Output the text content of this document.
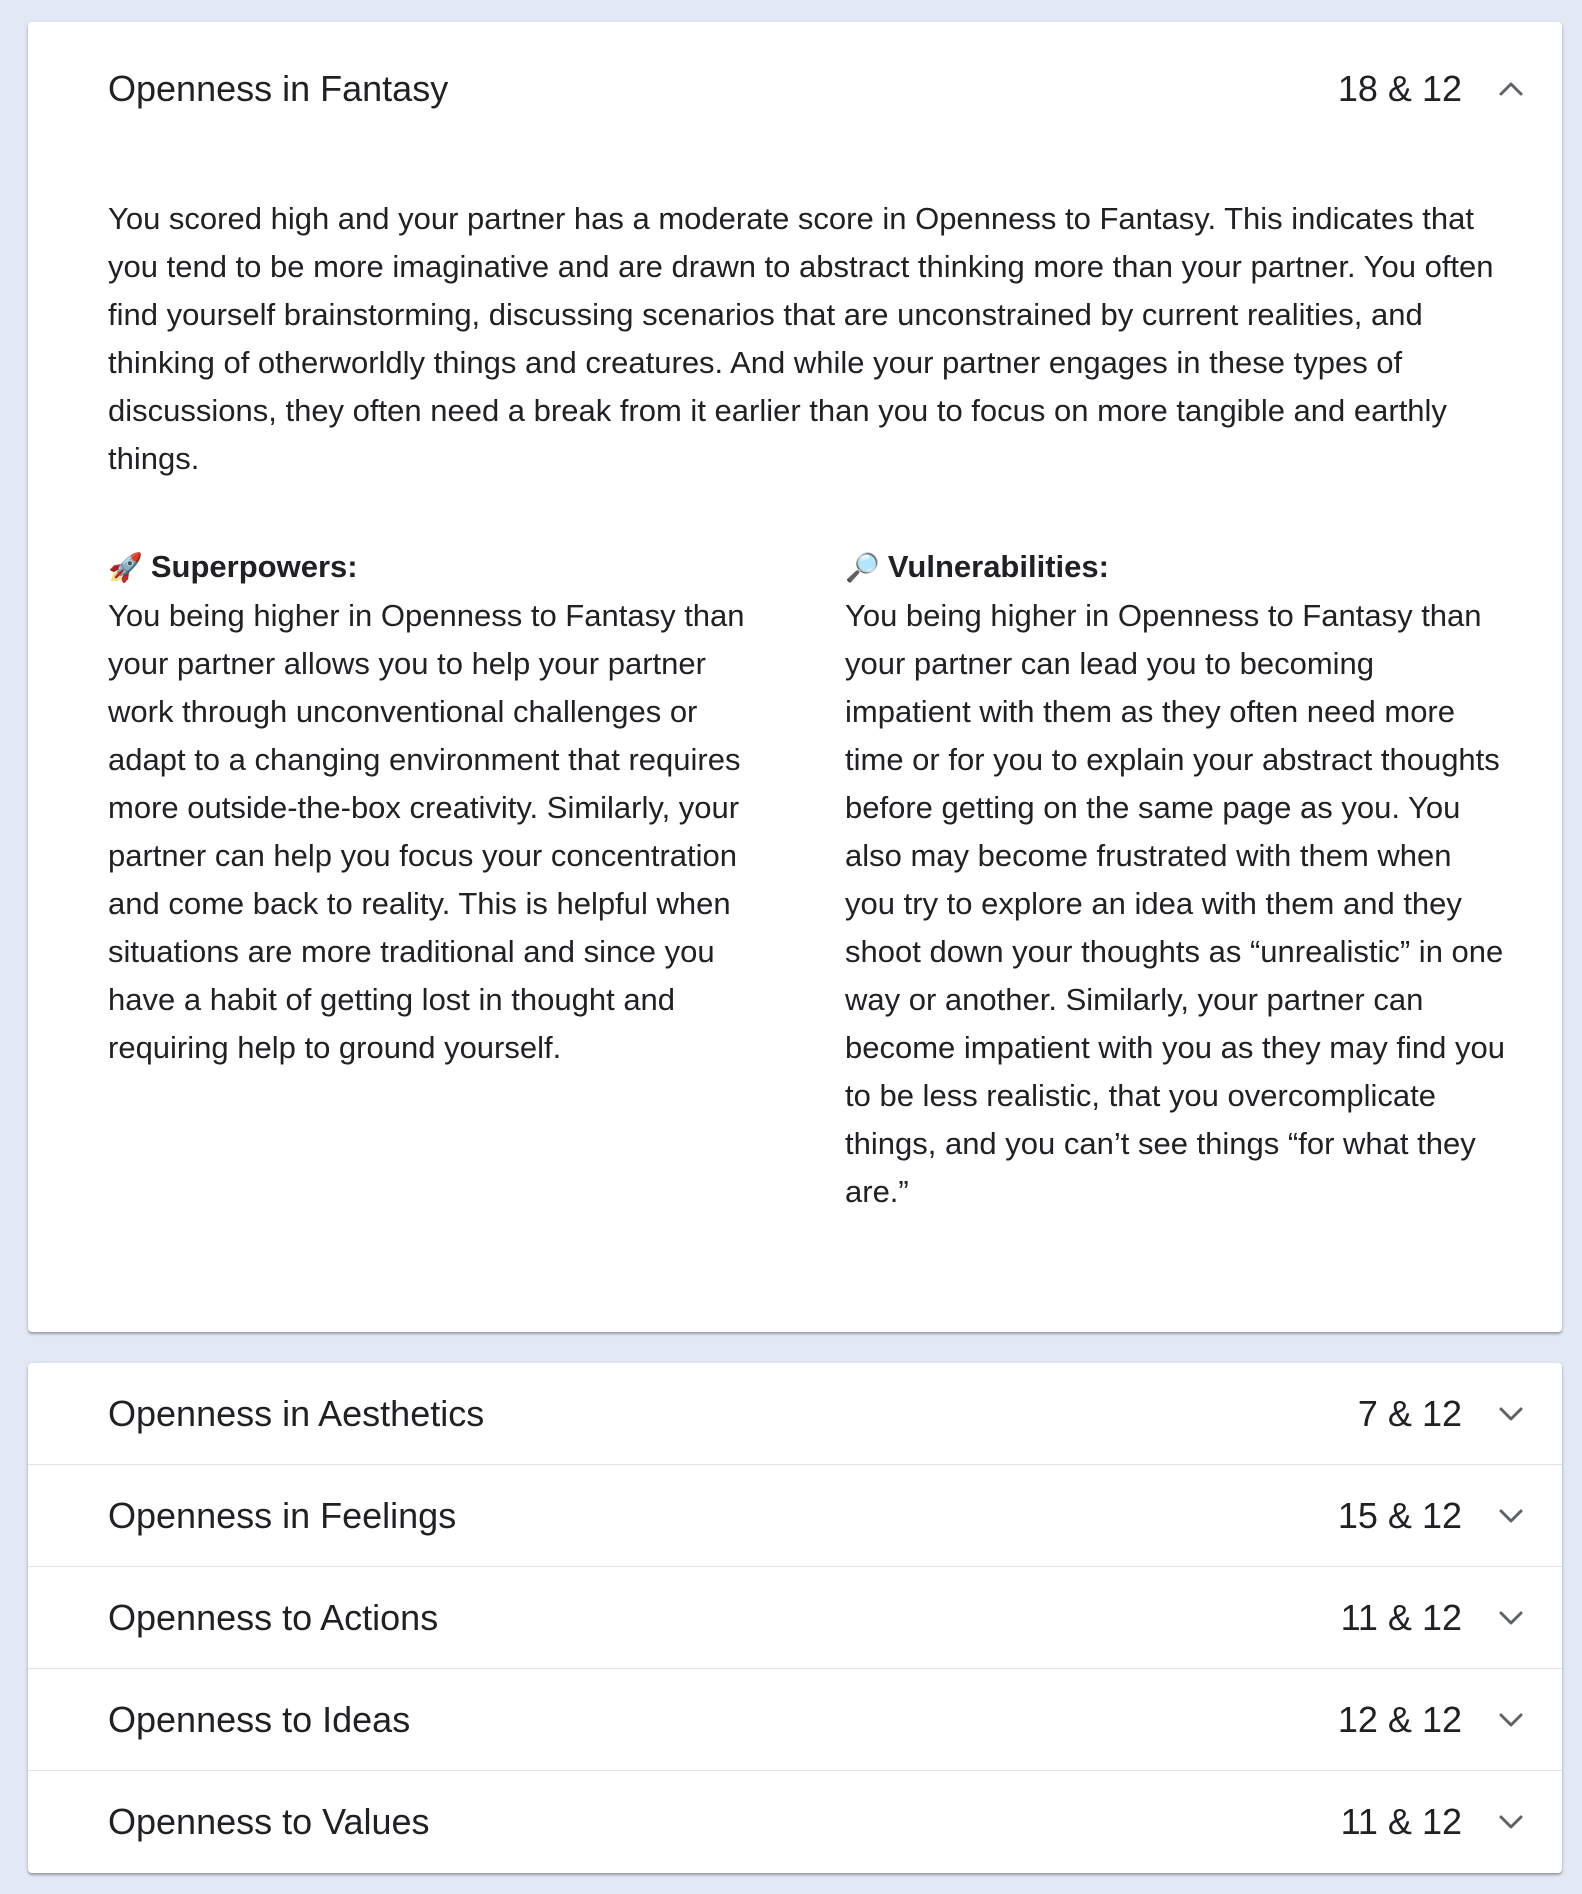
Openness in Fantasy	18 & 12

You scored high and your partner has a moderate score in Openness to Fantasy. This indicates that you tend to be more imaginative and are drawn to abstract thinking more than your partner. You often find yourself brainstorming, discussing scenarios that are unconstrained by current realities, and thinking of otherworldly things and creatures. And while your partner engages in these types of discussions, they often need a break from it earlier than you to focus on more tangible and earthly things.

🚀 Superpowers:

You being higher in Openness to Fantasy than your partner allows you to help your partner work through unconventional challenges or adapt to a changing environment that requires more outside-the-box creativity. Similarly, your partner can help you focus your concentration and come back to reality. This is helpful when situations are more traditional and since you have a habit of getting lost in thought and requiring help to ground yourself.

🔎 Vulnerabilities:

You being higher in Openness to Fantasy than your partner can lead you to becoming impatient with them as they often need more time or for you to explain your abstract thoughts before getting on the same page as you. You also may become frustrated with them when you try to explore an idea with them and they shoot down your thoughts as “unrealistic” in one way or another. Similarly, your partner can become impatient with you as they may find you to be less realistic, that you overcomplicate things, and you can’t see things “for what they are.”

Openness in Aesthetics	7 & 12
Openness in Feelings	15 & 12
Openness to Actions	11 & 12
Openness to Ideas	12 & 12
Openness to Values	11 & 12
